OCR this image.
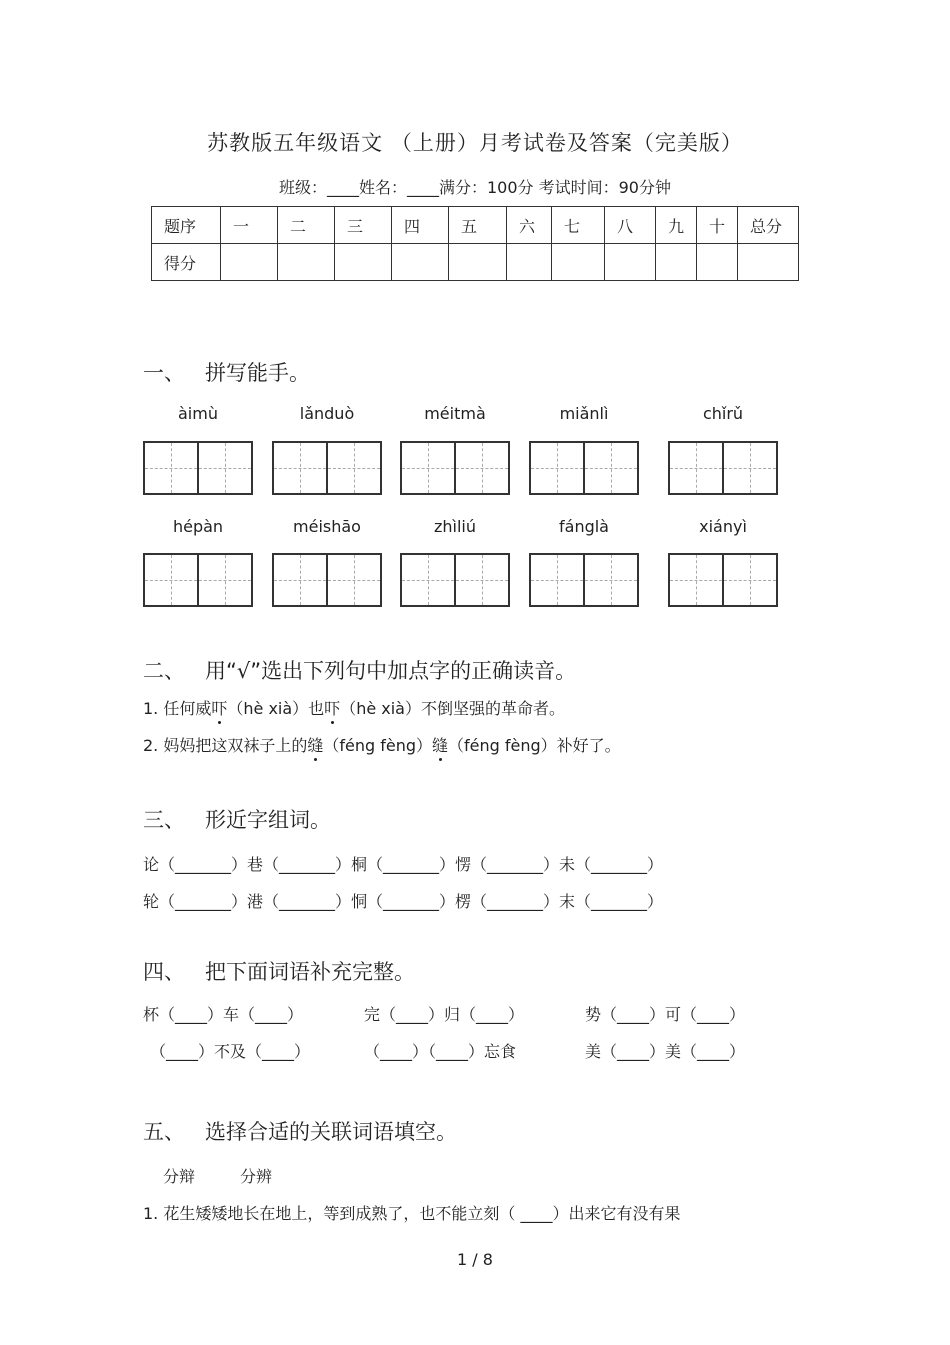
苏教版五年级语文 （上册）月考试卷及答案（完美版）
班级：____姓名：____满分：100分 考试时间：90分钟
题序	一	二	三	四	五	六	七	八	九	十	总分
得分											
一、 拼写能手。
àimù	lǎnduò	méitmà	miǎnlì	chǐrǔ
hépàn	méishāo	zhìliú	fánglà	xiányì
二、 用“√”选出下列句中加点字的正确读音。
1. 任何威吓（hè xià）也吓（hè xià）不倒坚强的革命者。
2. 妈妈把这双袜子上的缝（féng fèng）缝（féng fèng）补好了。
三、 形近字组词。
论（_______）巷（_______）桐（_______）愣（_______）未（_______）
轮（_______）港（_______）恫（_______）楞（_______）末（_______）
四、 把下面词语补充完整。
杯（____）车（____）	完（____）归（____）	势（____）可（____）
（____）不及（____）	（____）（____）忘食	美（____）美（____）
五、 选择合适的关联词语填空。
分辩	分辨
1. 花生矮矮地长在地上，等到成熟了，也不能立刻（ ____）出来它有没有果
1 / 8
